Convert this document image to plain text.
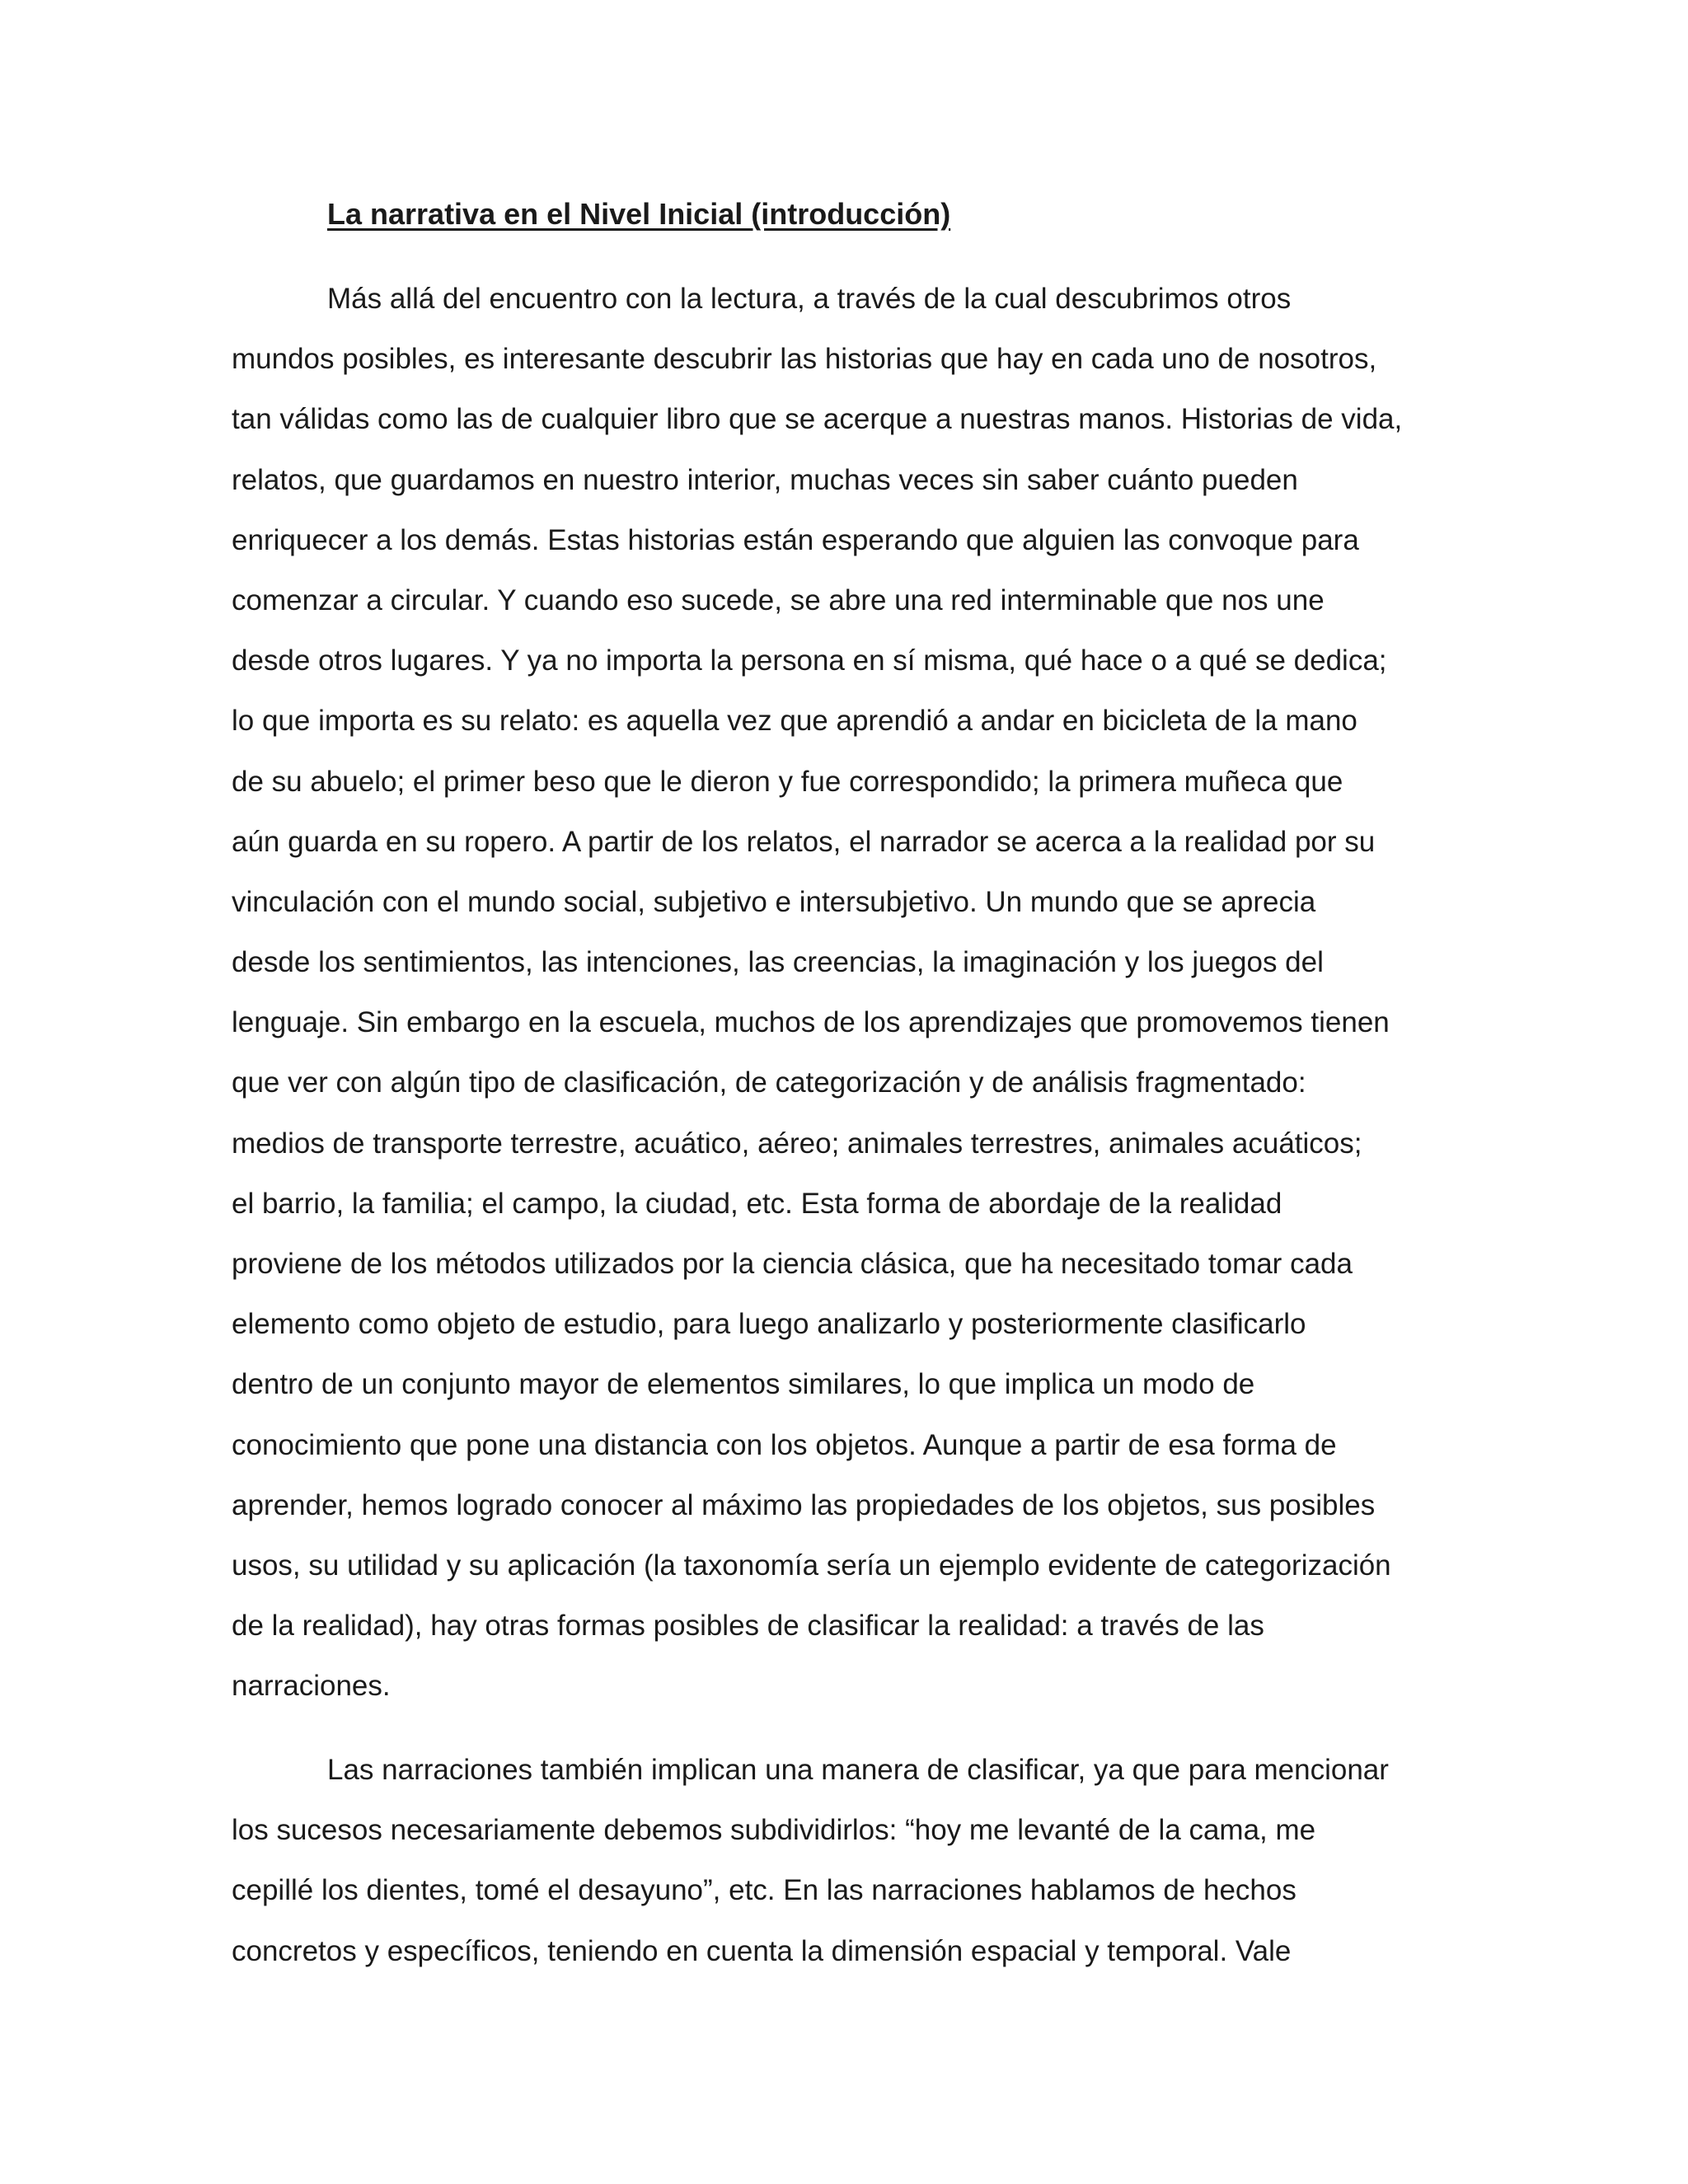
La narrativa en el Nivel Inicial (introducción)
Más allá del encuentro con la lectura, a través de la cual descubrimos otros
mundos posibles, es interesante descubrir las historias que hay en cada uno de nosotros,
tan válidas como las de cualquier libro que se acerque a nuestras manos. Historias de vida,
relatos, que guardamos en nuestro interior, muchas veces sin saber cuánto pueden
enriquecer a los demás. Estas historias están esperando que alguien las convoque para
comenzar a circular. Y cuando eso sucede, se abre una red interminable que nos une
desde otros lugares. Y ya no importa la persona en sí misma, qué hace o a qué se dedica;
lo que importa es su relato: es aquella vez que aprendió a andar en bicicleta de la mano
de su abuelo; el primer beso que le dieron y fue correspondido; la primera muñeca que
aún guarda en su ropero. A partir de los relatos, el narrador se acerca a la realidad por su
vinculación con el mundo social, subjetivo e intersubjetivo. Un mundo que se aprecia
desde los sentimientos, las intenciones, las creencias, la imaginación y los juegos del
lenguaje. Sin embargo en la escuela, muchos de los aprendizajes que promovemos tienen
que ver con algún tipo de clasificación, de categorización y de análisis fragmentado:
medios de transporte terrestre, acuático, aéreo; animales terrestres, animales acuáticos;
el barrio, la familia; el campo, la ciudad, etc. Esta forma de abordaje de la realidad
proviene de los métodos utilizados por la ciencia clásica, que ha necesitado tomar cada
elemento como objeto de estudio, para luego analizarlo y posteriormente clasificarlo
dentro de un conjunto mayor de elementos similares, lo que implica un modo de
conocimiento que pone una distancia con los objetos. Aunque a partir de esa forma de
aprender, hemos logrado conocer al máximo las propiedades de los objetos, sus posibles
usos, su utilidad y su aplicación (la taxonomía sería un ejemplo evidente de categorización
de la realidad), hay otras formas posibles de clasificar la realidad: a través de las
narraciones.
Las narraciones también implican una manera de clasificar, ya que para mencionar
los sucesos necesariamente debemos subdividirlos: “hoy me levanté de la cama, me
cepillé los dientes, tomé el desayuno”, etc. En las narraciones hablamos de hechos
concretos y específicos, teniendo en cuenta la dimensión espacial y temporal. Vale
